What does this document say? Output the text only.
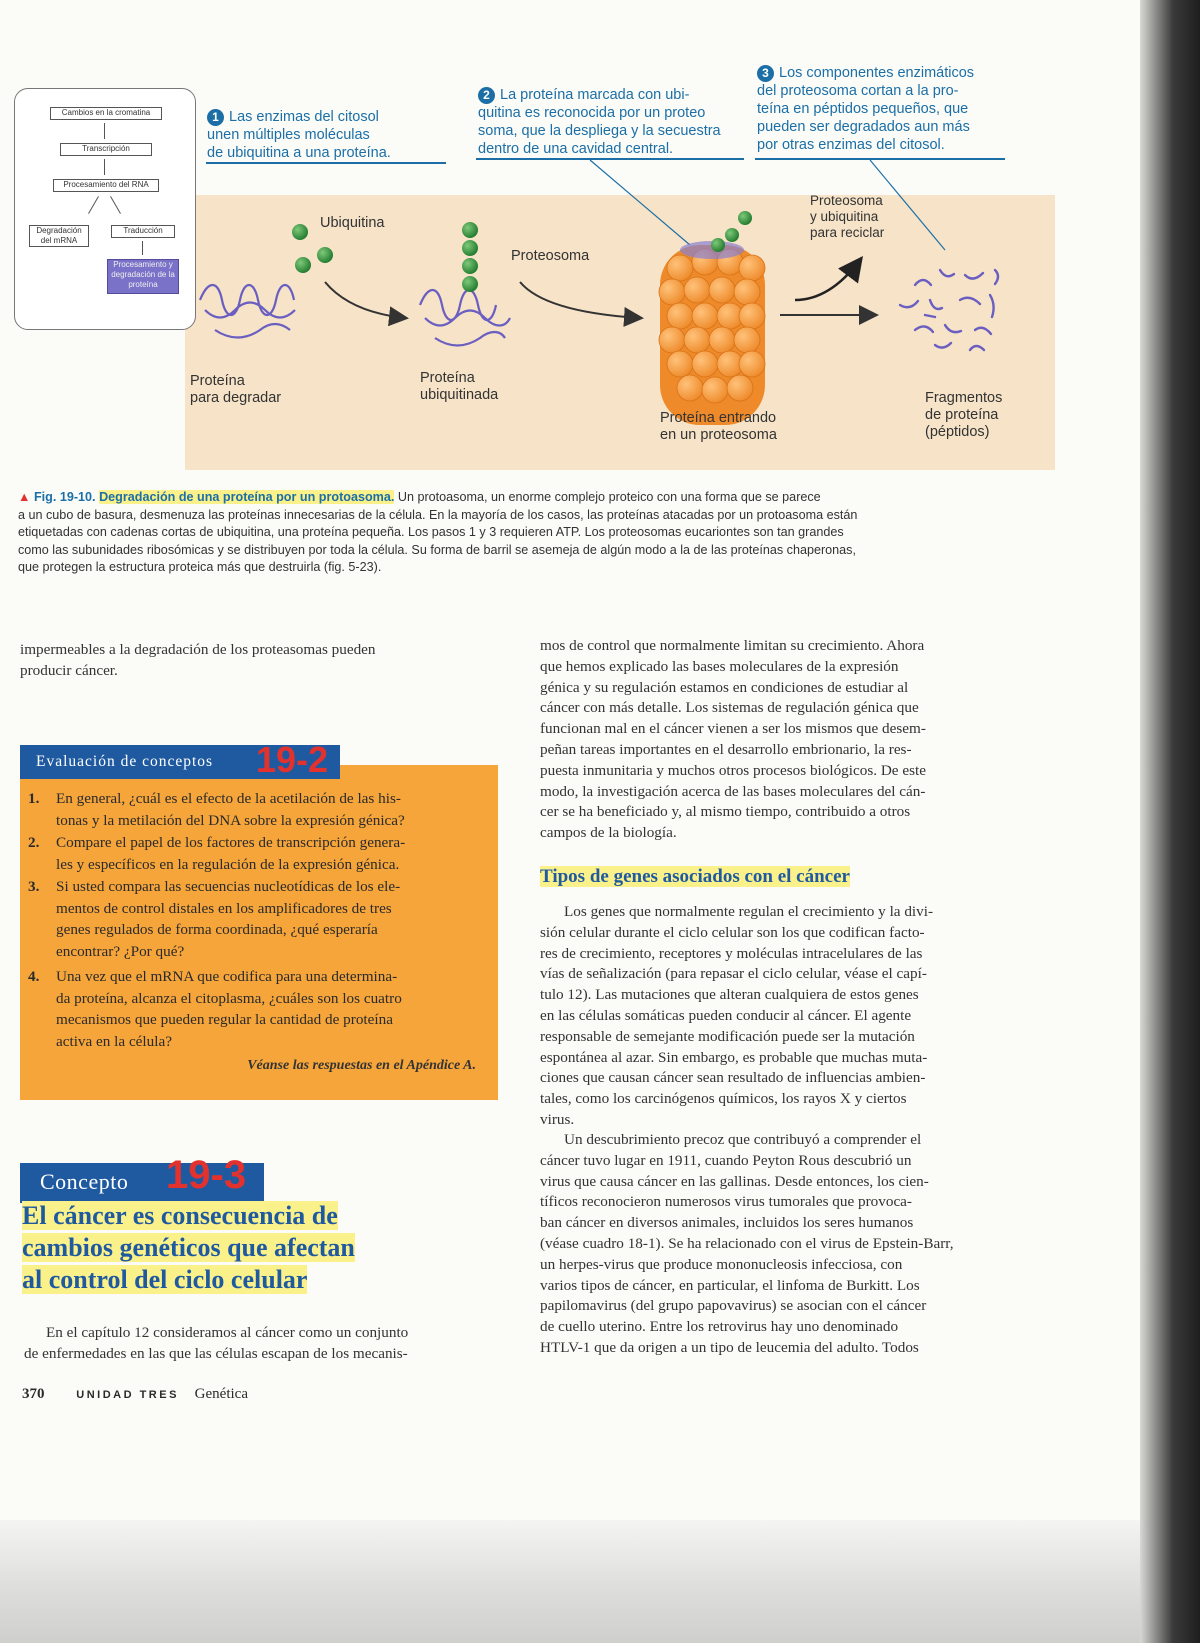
Cambios en la cromatina
Transcripción
Procesamiento del RNA
Degradación del mRNA
Traducción
Procesamiento y degradación de la proteína
1 Las enzimas del citosol
unen múltiples moléculas
de ubiquitina a una proteína.
2 La proteína marcada con ubi-
quitina es reconocida por un proteo
soma, que la despliega y la secuestra
dentro de una cavidad central.
3 Los componentes enzimáticos
del proteosoma cortan a la pro-
teína en péptidos pequeños, que
pueden ser degradados aun más
por otras enzimas del citosol.
Ubiquitina
Proteosoma
Proteosoma
y ubiquitina
para reciclar
Proteína
para degradar
Proteína
ubiquitinada
Proteína entrando
en un proteosoma
Fragmentos
de proteína
(péptidos)
▲ Fig. 19-10. Degradación de una proteína por un protoasoma. Un protoasoma, un enorme complejo proteico con una forma que se parece
a un cubo de basura, desmenuza las proteínas innecesarias de la célula. En la mayoría de los casos, las proteínas atacadas por un protoasoma están
etiquetadas con cadenas cortas de ubiquitina, una proteína pequeña. Los pasos 1 y 3 requieren ATP. Los proteosomas eucariontes son tan grandes
como las subunidades ribosómicas y se distribuyen por toda la célula. Su forma de barril se asemeja de algún modo a la de las proteínas chaperonas,
que protegen la estructura proteica más que destruirla (fig. 5-23).
impermeables a la degradación de los proteasomas pueden
producir cáncer.
Evaluación de conceptos 19-2
1. En general, ¿cuál es el efecto de la acetilación de las his-
tonas y la metilación del DNA sobre la expresión génica?
2. Compare el papel de los factores de transcripción genera-
les y específicos en la regulación de la expresión génica.
3. Si usted compara las secuencias nucleotídicas de los ele-
mentos de control distales en los amplificadores de tres
genes regulados de forma coordinada, ¿qué esperaría
encontrar? ¿Por qué?
4. Una vez que el mRNA que codifica para una determina-
da proteína, alcanza el citoplasma, ¿cuáles son los cuatro
mecanismos que pueden regular la cantidad de proteína
activa en la célula?
Véanse las respuestas en el Apéndice A.
Concepto 19-3
El cáncer es consecuencia de
cambios genéticos que afectan
al control del ciclo celular
En el capítulo 12 consideramos al cáncer como un conjunto
de enfermedades en las que las células escapan de los mecanis-
mos de control que normalmente limitan su crecimiento. Ahora
que hemos explicado las bases moleculares de la expresión
génica y su regulación estamos en condiciones de estudiar al
cáncer con más detalle. Los sistemas de regulación génica que
funcionan mal en el cáncer vienen a ser los mismos que desem-
peñan tareas importantes en el desarrollo embrionario, la res-
puesta inmunitaria y muchos otros procesos biológicos. De este
modo, la investigación acerca de las bases moleculares del cán-
cer se ha beneficiado y, al mismo tiempo, contribuido a otros
campos de la biología.
Tipos de genes asociados con el cáncer
Los genes que normalmente regulan el crecimiento y la divi-
sión celular durante el ciclo celular son los que codifican facto-
res de crecimiento, receptores y moléculas intracelulares de las
vías de señalización (para repasar el ciclo celular, véase el capí-
tulo 12). Las mutaciones que alteran cualquiera de estos genes
en las células somáticas pueden conducir al cáncer. El agente
responsable de semejante modificación puede ser la mutación
espontánea al azar. Sin embargo, es probable que muchas muta-
ciones que causan cáncer sean resultado de influencias ambien-
tales, como los carcinógenos químicos, los rayos X y ciertos
virus.
Un descubrimiento precoz que contribuyó a comprender el
cáncer tuvo lugar en 1911, cuando Peyton Rous descubrió un
virus que causa cáncer en las gallinas. Desde entonces, los cien-
tíficos reconocieron numerosos virus tumorales que provoca-
ban cáncer en diversos animales, incluidos los seres humanos
(véase cuadro 18-1). Se ha relacionado con el virus de Epstein-Barr,
un herpes-virus que produce mononucleosis infecciosa, con
varios tipos de cáncer, en particular, el linfoma de Burkitt. Los
papilomavirus (del grupo papovavirus) se asocian con el cáncer
de cuello uterino. Entre los retrovirus hay uno denominado
HTLV-1 que da origen a un tipo de leucemia del adulto. Todos
370	UNIDAD TRES Genética
